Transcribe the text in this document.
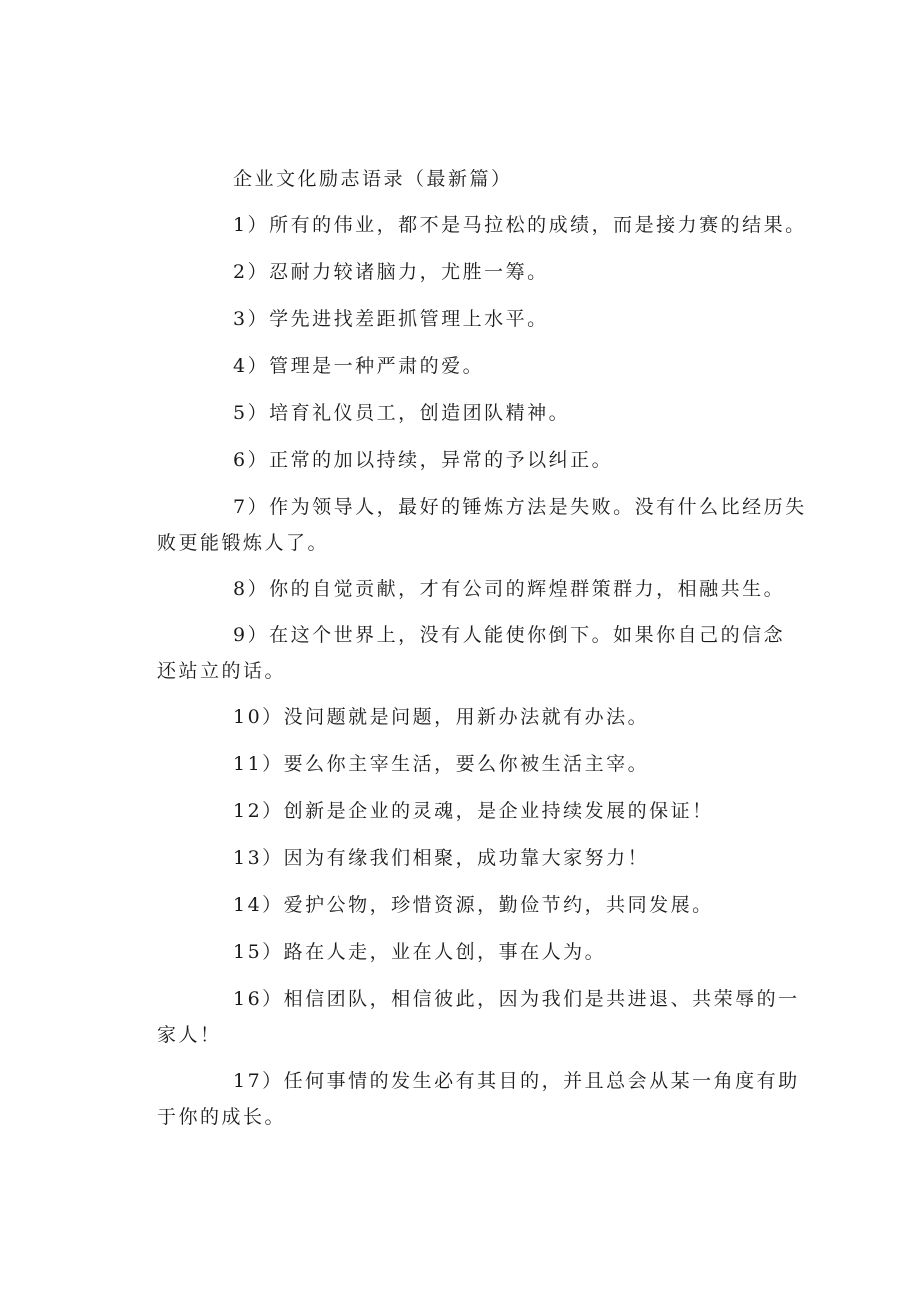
企业文化励志语录（最新篇）
1）所有的伟业，都不是马拉松的成绩，而是接力赛的结果。
2）忍耐力较诸脑力，尤胜一筹。
3）学先进找差距抓管理上水平。
4）管理是一种严肃的爱。
5）培育礼仪员工，创造团队精神。
6）正常的加以持续，异常的予以纠正。
7）作为领导人，最好的锤炼方法是失败。没有什么比经历失
败更能锻炼人了。
8）你的自觉贡献，才有公司的辉煌群策群力，相融共生。
9）在这个世界上，没有人能使你倒下。如果你自己的信念
还站立的话。
10）没问题就是问题，用新办法就有办法。
11）要么你主宰生活，要么你被生活主宰。
12）创新是企业的灵魂，是企业持续发展的保证！
13）因为有缘我们相聚，成功靠大家努力！
14）爱护公物，珍惜资源，勤俭节约，共同发展。
15）路在人走，业在人创，事在人为。
16）相信团队，相信彼此，因为我们是共进退、共荣辱的一
家人！
17）任何事情的发生必有其目的，并且总会从某一角度有助
于你的成长。
